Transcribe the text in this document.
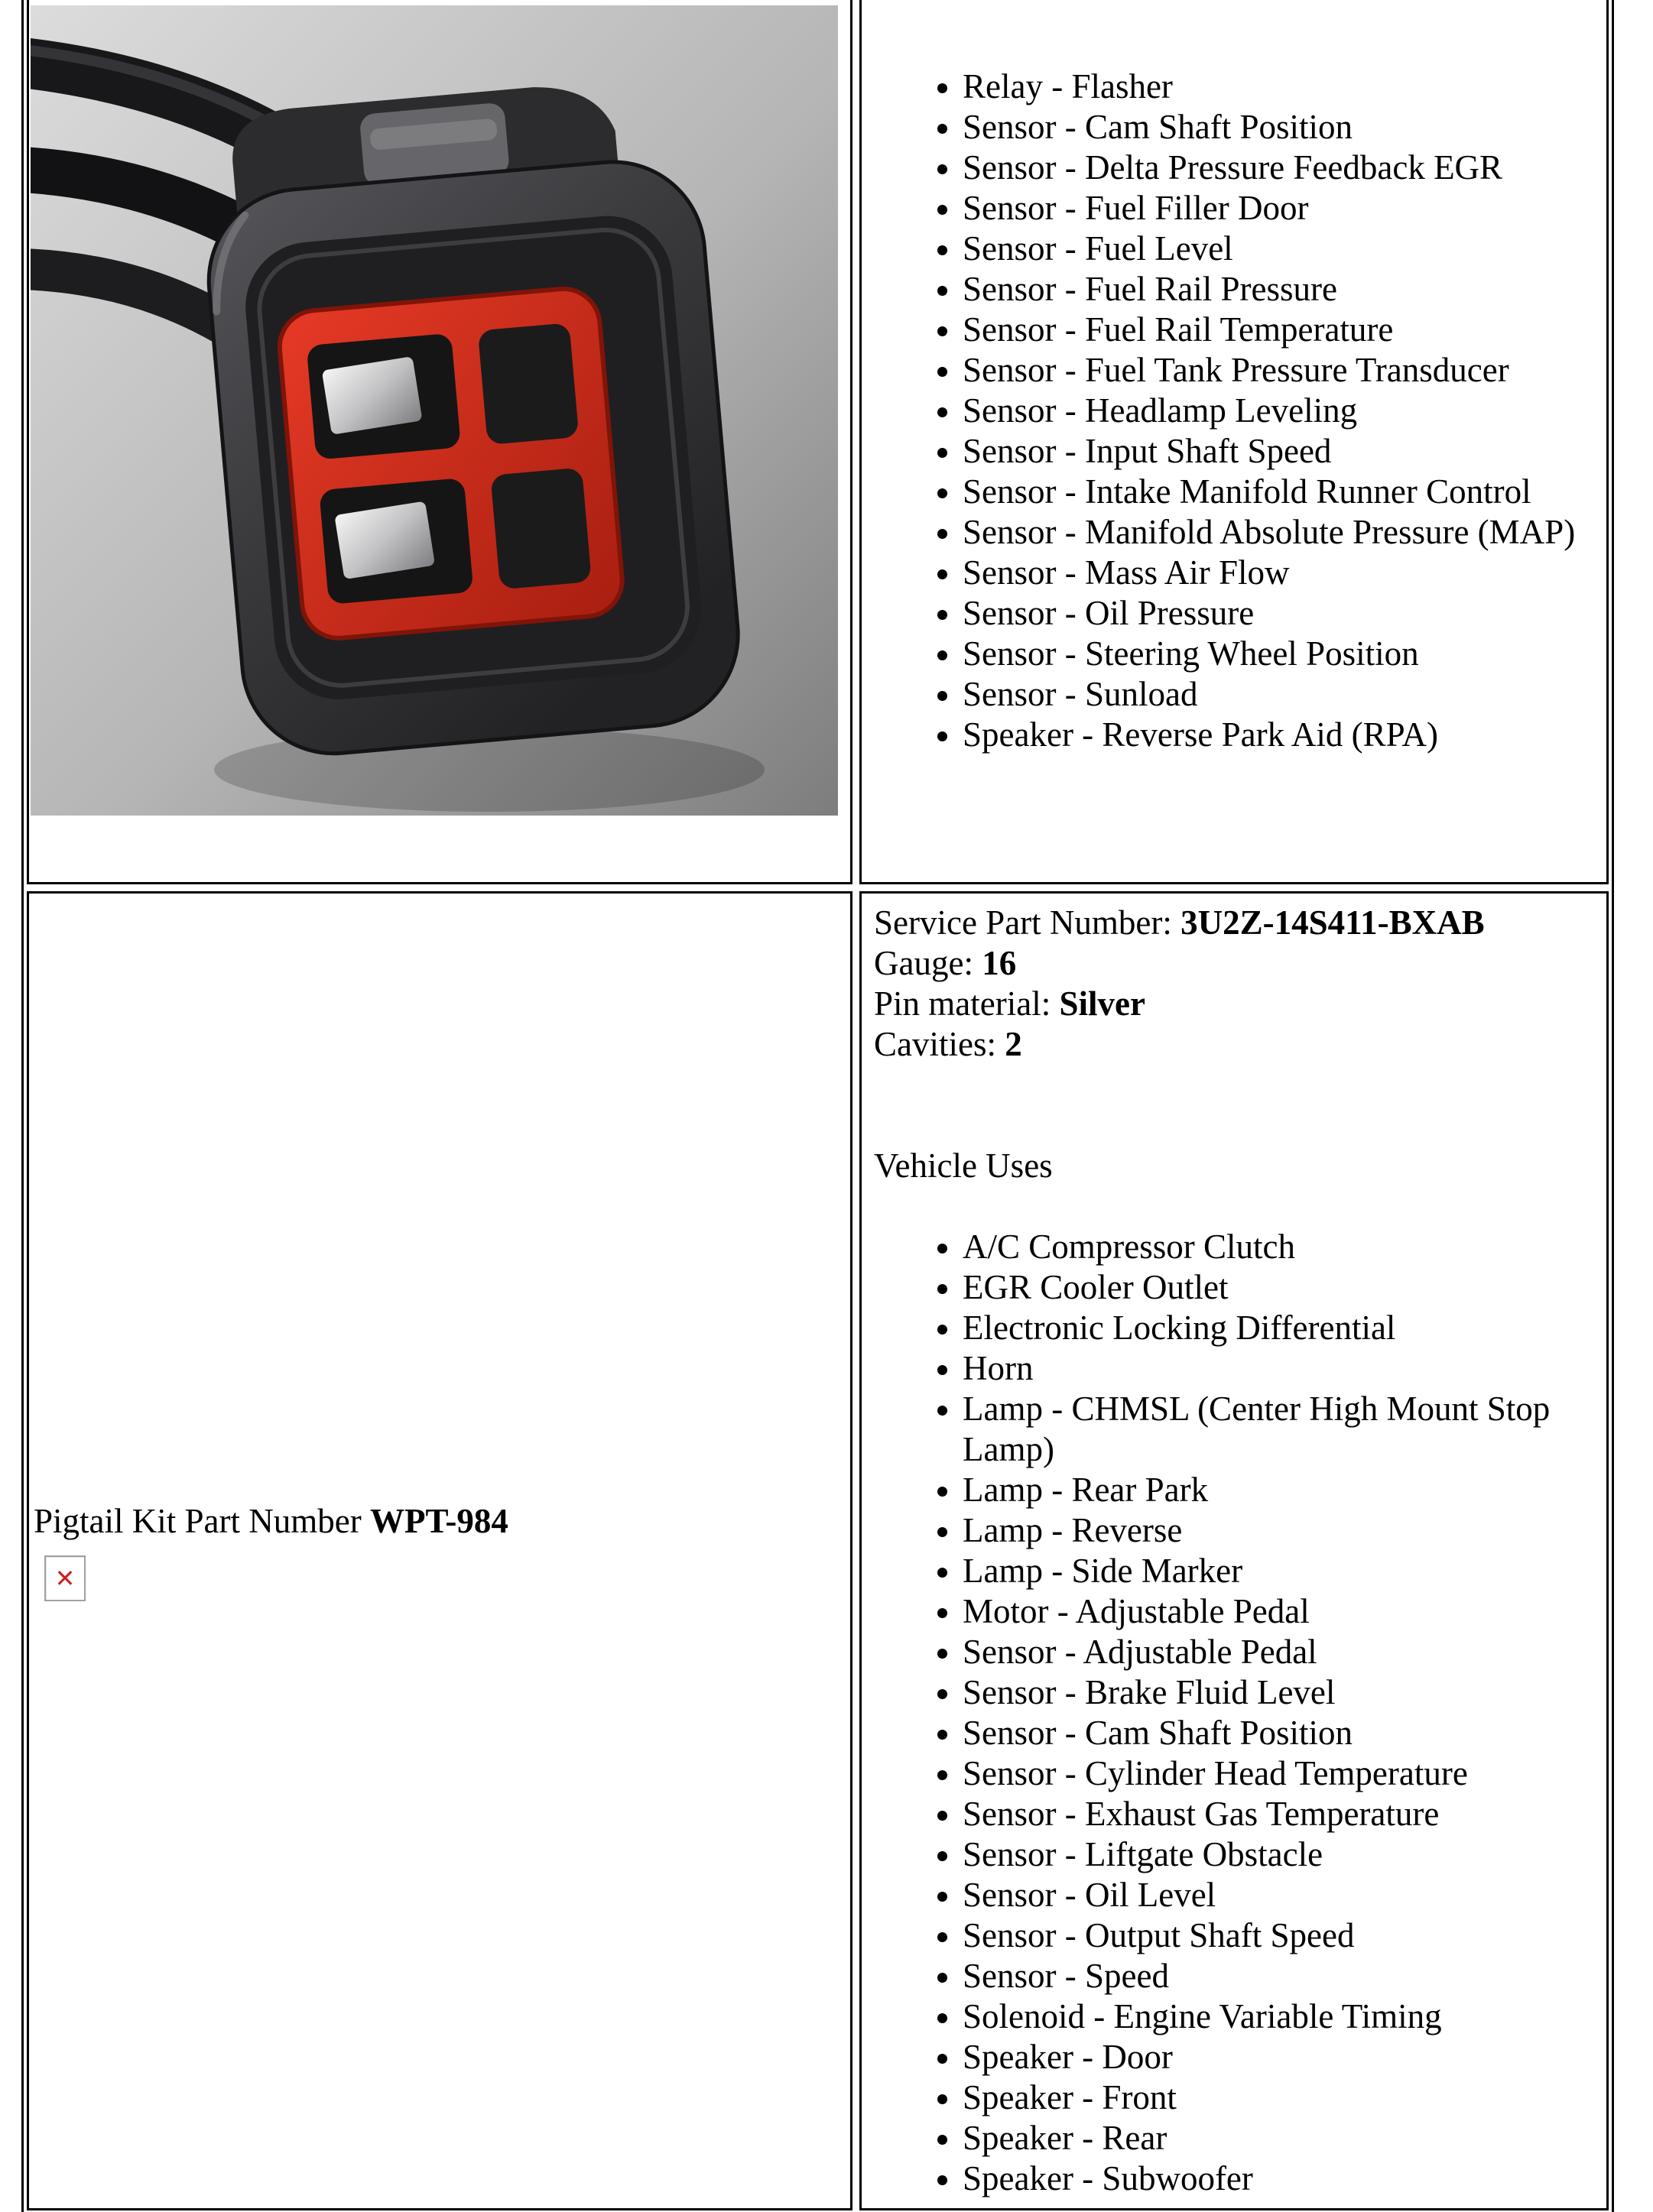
• Relay - Flasher
• Sensor - Cam Shaft Position
• Sensor - Delta Pressure Feedback EGR
• Sensor - Fuel Filler Door
• Sensor - Fuel Level
• Sensor - Fuel Rail Pressure
• Sensor - Fuel Rail Temperature
• Sensor - Fuel Tank Pressure Transducer
• Sensor - Headlamp Leveling
• Sensor - Input Shaft Speed
• Sensor - Intake Manifold Runner Control
• Sensor - Manifold Absolute Pressure (MAP)
• Sensor - Mass Air Flow
• Sensor - Oil Pressure
• Sensor - Steering Wheel Position
• Sensor - Sunload
• Speaker - Reverse Park Aid (RPA)
Pigtail Kit Part Number WPT-984
✕
Service Part Number: 3U2Z-14S411-BXAB
Gauge: 16
Pin material: Silver
Cavities: 2
Vehicle Uses
• A/C Compressor Clutch
• EGR Cooler Outlet
• Electronic Locking Differential
• Horn
• Lamp - CHMSL (Center High Mount Stop Lamp)
• Lamp - Rear Park
• Lamp - Reverse
• Lamp - Side Marker
• Motor - Adjustable Pedal
• Sensor - Adjustable Pedal
• Sensor - Brake Fluid Level
• Sensor - Cam Shaft Position
• Sensor - Cylinder Head Temperature
• Sensor - Exhaust Gas Temperature
• Sensor - Liftgate Obstacle
• Sensor - Oil Level
• Sensor - Output Shaft Speed
• Sensor - Speed
• Solenoid - Engine Variable Timing
• Speaker - Door
• Speaker - Front
• Speaker - Rear
• Speaker - Subwoofer
